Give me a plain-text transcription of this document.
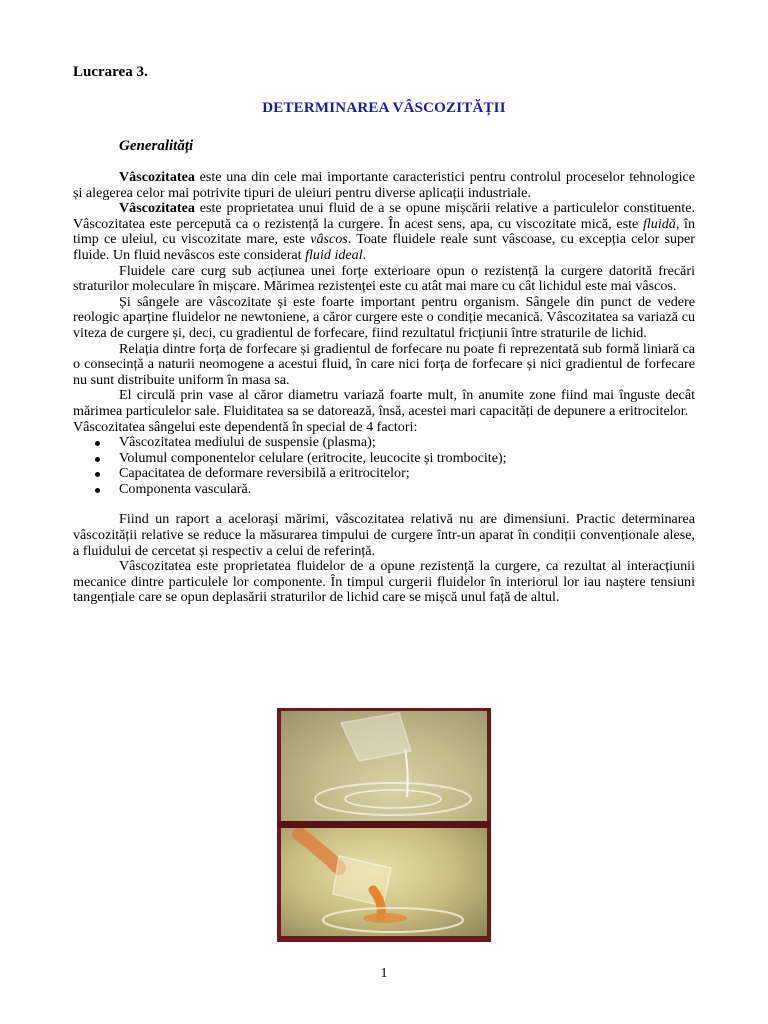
Lucrarea 3.
DETERMINAREA VÂSCOZITĂȚII
Generalități

Vâscozitatea este una din cele mai importante caracteristici pentru controlul proceselor tehnologice și alegerea celor mai potrivite tipuri de uleiuri pentru diverse aplicații industriale.

Vâscozitatea este proprietatea unui fluid de a se opune mișcării relative a particulelor constituente. Vâscozitatea este percepută ca o rezistență la curgere. În acest sens, apa, cu viscozitate mică, este fluidă, în timp ce uleiul, cu viscozitate mare, este vâscos. Toate fluidele reale sunt vâscoase, cu excepția celor super fluide. Un fluid nevâscos este considerat fluid ideal.

Fluidele care curg sub acțiunea unei forțe exterioare opun o rezistență la curgere datorită frecări straturilor moleculare în mișcare. Mărimea rezistenței este cu atât mai mare cu cât lichidul este mai vâscos.

Și sângele are vâscozitate și este foarte important pentru organism. Sângele din punct de vedere reologic aparține fluidelor ne newtoniene, a căror curgere este o condiție mecanică. Vâscozitatea sa variază cu viteza de curgere și, deci, cu gradientul de forfecare, fiind rezultatul fricțiunii între straturile de lichid.

Relația dintre forța de forfecare și gradientul de forfecare nu poate fi reprezentată sub formă liniară ca o consecință a naturii neomogene a acestui fluid, în care nici forța de forfecare și nici gradientul de forfecare nu sunt distribuite uniform în masa sa.

El circulă prin vase al căror diametru variază foarte mult, în anumite zone fiind mai înguste decât mărimea particulelor sale. Fluiditatea sa se datorează, însă, acestei mari capacități de depunere a eritrocitelor.

Vâscozitatea sângelui este dependentă în special de 4 factori:

Vâscozitatea mediului de suspensie (plasma);
Volumul componentelor celulare (eritrocite, leucocite și trombocite);
Capacitatea de deformare reversibilă a eritrocitelor;
Componenta vasculară.

Fiind un raport a acelorași mărimi, vâscozitatea relativă nu are dimensiuni. Practic determinarea vâscozității relative se reduce la măsurarea timpului de curgere într-un aparat în condiții convenționale alese, a fluidului de cercetat și respectiv a celui de referință.

Vâscozitatea este proprietatea fluidelor de a opune rezistență la curgere, ca rezultat al interacțiunii mecanice dintre particulele lor componente. În timpul curgerii fluidelor în interiorul lor iau naștere tensiuni tangențiale care se opun deplasării straturilor de lichid care se mișcă unul față de altul.

1
